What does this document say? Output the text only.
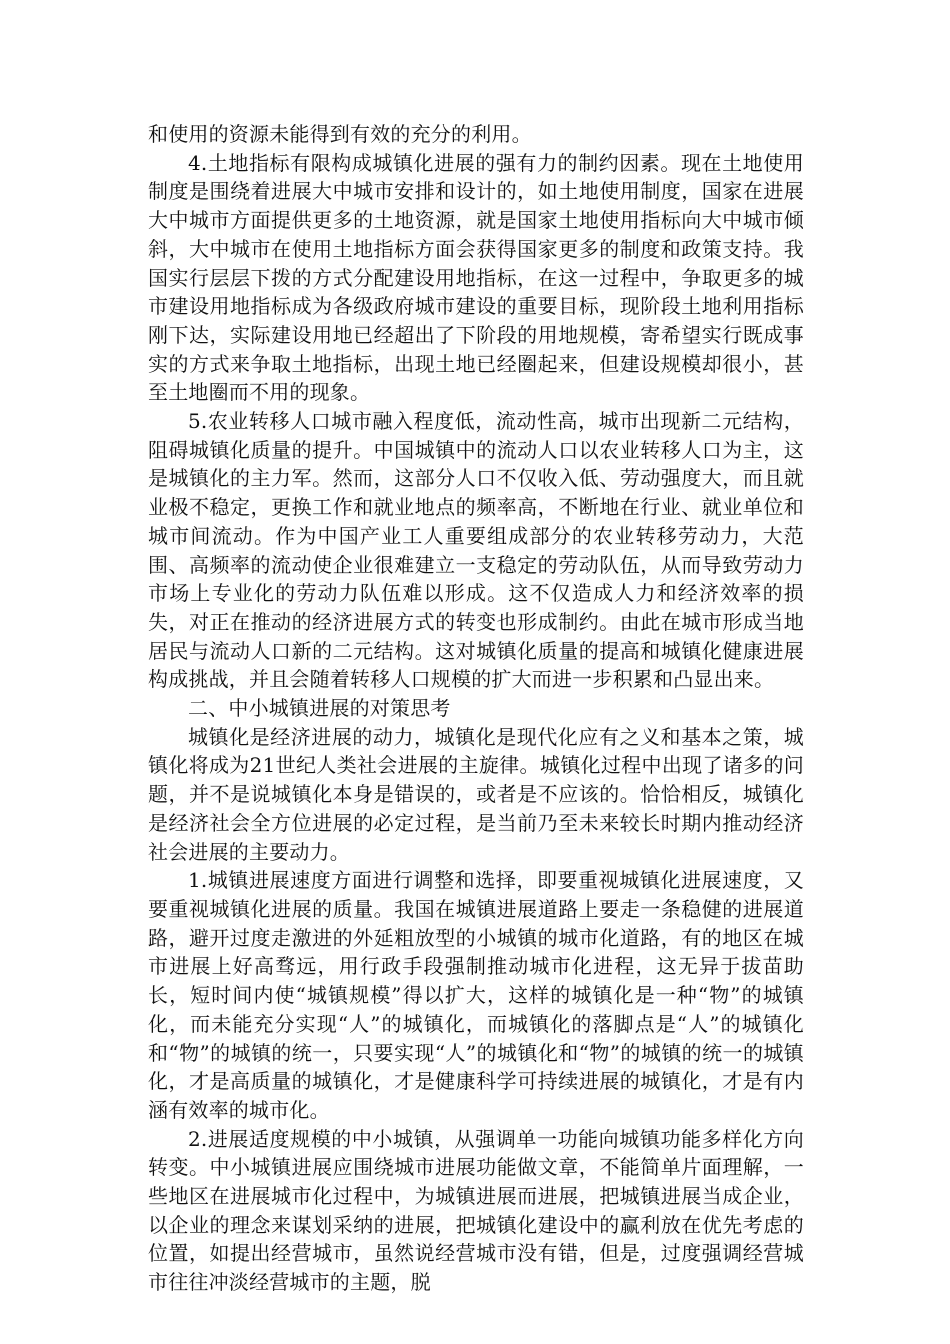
和使用的资源未能得到有效的充分的利用。

4.土地指标有限构成城镇化进展的强有力的制约因素。现在土地使用制度是围绕着进展大中城市安排和设计的，如土地使用制度，国家在进展大中城市方面提供更多的土地资源，就是国家土地使用指标向大中城市倾斜，大中城市在使用土地指标方面会获得国家更多的制度和政策支持。我国实行层层下拨的方式分配建设用地指标，在这一过程中，争取更多的城市建设用地指标成为各级政府城市建设的重要目标，现阶段土地利用指标刚下达，实际建设用地已经超出了下阶段的用地规模，寄希望实行既成事实的方式来争取土地指标，出现土地已经圈起来，但建设规模却很小，甚至土地圈而不用的现象。

5.农业转移人口城市融入程度低，流动性高，城市出现新二元结构，阻碍城镇化质量的提升。中国城镇中的流动人口以农业转移人口为主，这是城镇化的主力军。然而，这部分人口不仅收入低、劳动强度大，而且就业极不稳定，更换工作和就业地点的频率高，不断地在行业、就业单位和城市间流动。作为中国产业工人重要组成部分的农业转移劳动力，大范围、高频率的流动使企业很难建立一支稳定的劳动队伍，从而导致劳动力市场上专业化的劳动力队伍难以形成。这不仅造成人力和经济效率的损失，对正在推动的经济进展方式的转变也形成制约。由此在城市形成当地居民与流动人口新的二元结构。这对城镇化质量的提高和城镇化健康进展构成挑战，并且会随着转移人口规模的扩大而进一步积累和凸显出来。

二、中小城镇进展的对策思考

城镇化是经济进展的动力，城镇化是现代化应有之义和基本之策，城镇化将成为21世纪人类社会进展的主旋律。城镇化过程中出现了诸多的问题，并不是说城镇化本身是错误的，或者是不应该的。恰恰相反，城镇化是经济社会全方位进展的必定过程，是当前乃至未来较长时期内推动经济社会进展的主要动力。

1.城镇进展速度方面进行调整和选择，即要重视城镇化进展速度，又要重视城镇化进展的质量。我国在城镇进展道路上要走一条稳健的进展道路，避开过度走激进的外延粗放型的小城镇的城市化道路，有的地区在城市进展上好高骛远，用行政手段强制推动城市化进程，这无异于拔苗助长，短时间内使“城镇规模”得以扩大，这样的城镇化是一种“物”的城镇化，而未能充分实现“人”的城镇化，而城镇化的落脚点是“人”的城镇化和“物”的城镇的统一，只要实现“人”的城镇化和“物”的城镇的统一的城镇化，才是高质量的城镇化，才是健康科学可持续进展的城镇化，才是有内涵有效率的城市化。

2.进展适度规模的中小城镇，从强调单一功能向城镇功能多样化方向转变。中小城镇进展应围绕城市进展功能做文章，不能简单片面理解，一些地区在进展城市化过程中，为城镇进展而进展，把城镇进展当成企业，以企业的理念来谋划采纳的进展，把城镇化建设中的赢利放在优先考虑的位置，如提出经营城市，虽然说经营城市没有错，但是，过度强调经营城市往往冲淡经营城市的主题，脱
